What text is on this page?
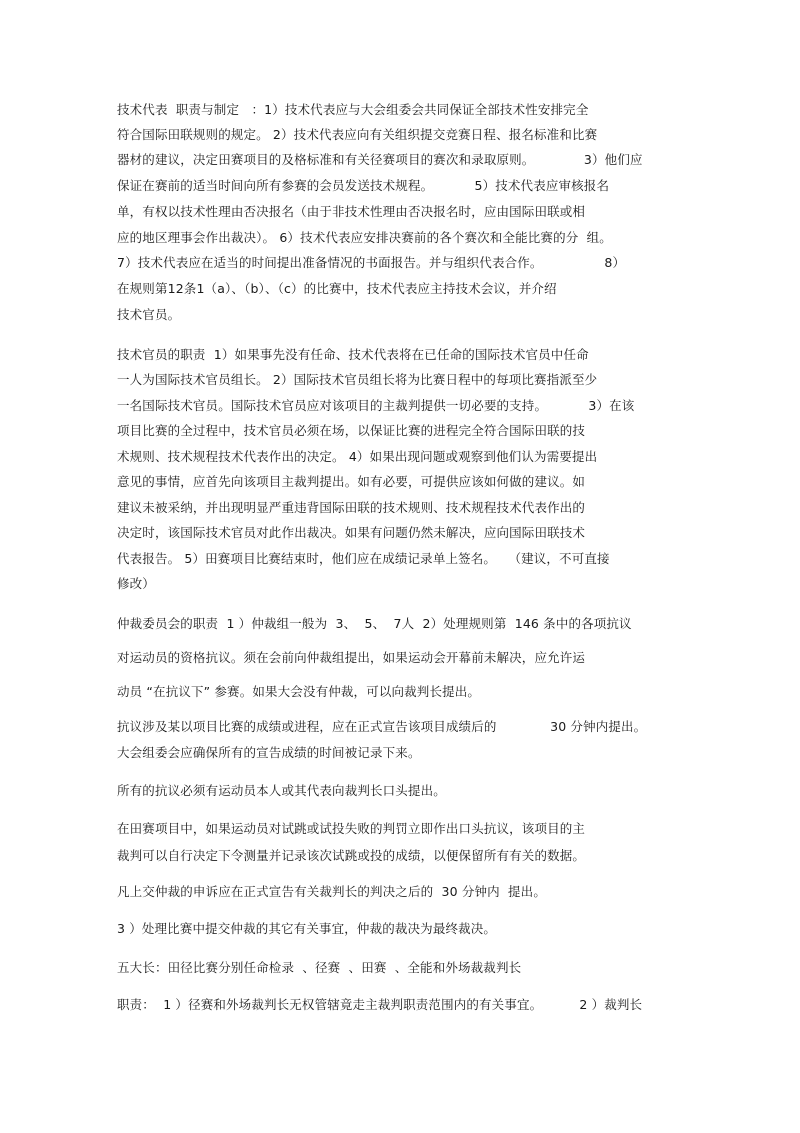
技术代表  职责与制定   ：1）技术代表应与大会组委会共同保证全部技术性安排完全

符合国际田联规则的规定。 2）技术代表应向有关组织提交竞赛日程、报名标准和比赛

器材的建议，决定田赛项目的及格标准和有关径赛项目的赛次和录取原则。            3）他们应

保证在赛前的适当时间向所有参赛的会员发送技术规程。          5）技术代表应审核报名

单，有权以技术性理由否决报名（由于非技术性理由否决报名时，应由国际田联或相

应的地区理事会作出裁决）。 6）技术代表应安排决赛前的各个赛次和全能比赛的分  组。

7）技术代表应在适当的时间提出准备情况的书面报告。并与组织代表合作。               8）

在规则第12条1（a）、（b）、（c）的比赛中，技术代表应主持技术会议，并介绍

技术官员。

技术官员的职责  1）如果事先没有任命、技术代表将在已任命的国际技术官员中任命

一人为国际技术官员组长。 2）国际技术官员组长将为比赛日程中的每项比赛指派至少

一名国际技术官员。国际技术官员应对该项目的主裁判提供一切必要的支持。          3）在该

项目比赛的全过程中，技术官员必须在场，以保证比赛的进程完全符合国际田联的技

术规则、技术规程技术代表作出的决定。 4）如果出现问题或观察到他们认为需要提出

意见的事情，应首先向该项目主裁判提出。如有必要，可提供应该如何做的建议。如

建议未被采纳，并出现明显严重违背国际田联的技术规则、技术规程技术代表作出的

决定时，该国际技术官员对此作出裁决。如果有问题仍然未解决，应向国际田联技术

代表报告。 5）田赛项目比赛结束时，他们应在成绩记录单上签名。   （建议，不可直接

修改）

仲裁委员会的职责  1 ）仲裁组一般为  3、  5、  7人  2）处理规则第  146 条中的各项抗议

对运动员的资格抗议。须在会前向仲裁组提出，如果运动会开幕前未解决，应允许运

动员 “在抗议下” 参赛。如果大会没有仲裁，可以向裁判长提出。

抗议涉及某以项目比赛的成绩或进程，应在正式宣告该项目成绩后的             30 分钟内提出。

大会组委会应确保所有的宣告成绩的时间被记录下来。

所有的抗议必须有运动员本人或其代表向裁判长口头提出。

在田赛项目中，如果运动员对试跳或试投失败的判罚立即作出口头抗议，该项目的主

裁判可以自行决定下令测量并记录该次试跳或投的成绩，以便保留所有有关的数据。

凡上交仲裁的申诉应在正式宣告有关裁判长的判决之后的  30 分钟内  提出。

3 ）处理比赛中提交仲裁的其它有关事宜，仲裁的裁决为最终裁决。

五大长：田径比赛分别任命检录  、径赛  、田赛  、全能和外场裁裁判长

职责：  1 ）径赛和外场裁判长无权管辖竟走主裁判职责范围内的有关事宜。         2 ）裁判长
